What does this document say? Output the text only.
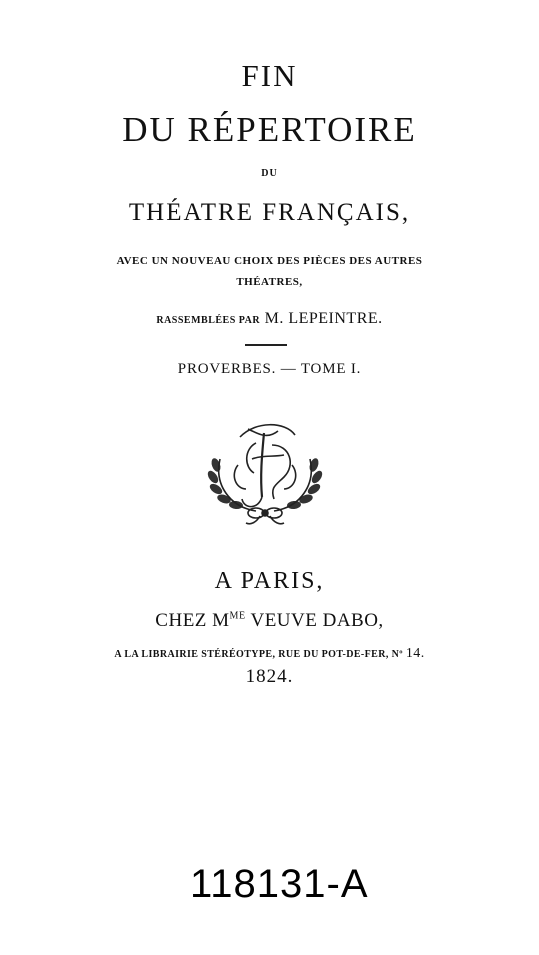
FIN
DU RÉPERTOIRE
DU
THÉATRE FRANÇAIS,
AVEC UN NOUVEAU CHOIX DES PIÈCES DES AUTRES
THÉATRES,
RASSEMBLÉES PAR M. LEPEINTRE.
PROVERBES. — TOME I.
A PARIS,
CHEZ $M^{ME}$ VEUVE DABO,
A LA LIBRAIRIE STÉRÉOTYPE, RUE DU POT-DE-FER, Nº 14.
1824.
118131-A
